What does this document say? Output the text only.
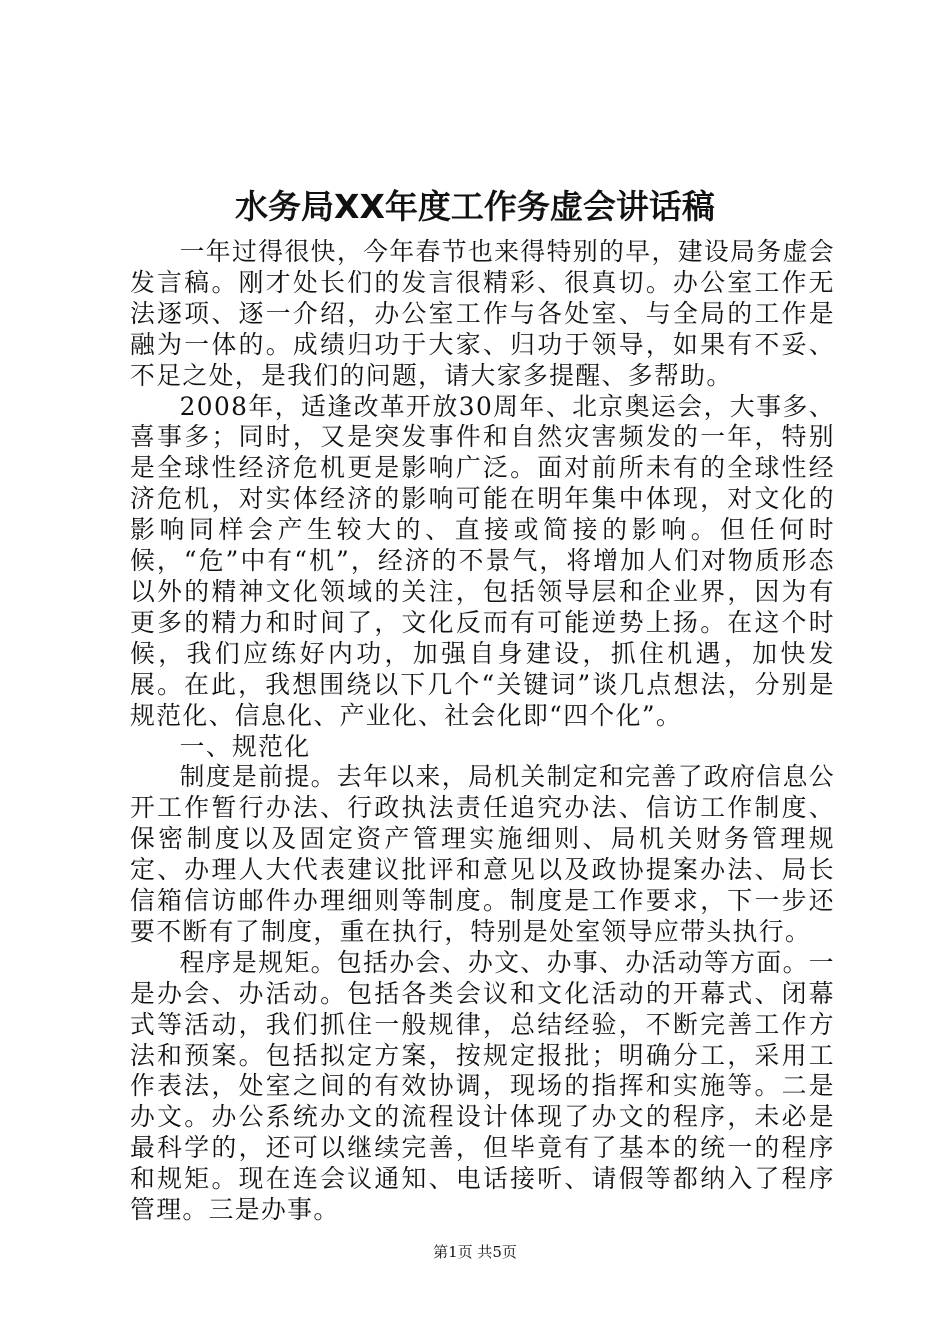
水务局XX年度工作务虚会讲话稿

一年过得很快，今年春节也来得特别的早，建设局务虚会发言稿。刚才处长们的发言很精彩、很真切。办公室工作无法逐项、逐一介绍，办公室工作与各处室、与全局的工作是融为一体的。成绩归功于大家、归功于领导，如果有不妥、不足之处，是我们的问题，请大家多提醒、多帮助。

2008年，适逢改革开放30周年、北京奥运会，大事多、喜事多；同时，又是突发事件和自然灾害频发的一年，特别是全球性经济危机更是影响广泛。面对前所未有的全球性经济危机，对实体经济的影响可能在明年集中体现，对文化的影响同样会产生较大的、直接或简接的影响。但任何时候，“危”中有“机”，经济的不景气，将增加人们对物质形态以外的精神文化领域的关注，包括领导层和企业界，因为有更多的精力和时间了，文化反而有可能逆势上扬。在这个时候，我们应练好内功，加强自身建设，抓住机遇，加快发展。在此，我想围绕以下几个“关键词”谈几点想法，分别是规范化、信息化、产业化、社会化即“四个化”。

一、规范化

制度是前提。去年以来，局机关制定和完善了政府信息公开工作暂行办法、行政执法责任追究办法、信访工作制度、保密制度以及固定资产管理实施细则、局机关财务管理规定、办理人大代表建议批评和意见以及政协提案办法、局长信箱信访邮件办理细则等制度。制度是工作要求，下一步还要不断有了制度，重在执行，特别是处室领导应带头执行。

程序是规矩。包括办会、办文、办事、办活动等方面。一是办会、办活动。包括各类会议和文化活动的开幕式、闭幕式等活动，我们抓住一般规律，总结经验，不断完善工作方法和预案。包括拟定方案，按规定报批；明确分工，采用工作表法，处室之间的有效协调，现场的指挥和实施等。二是办文。办公系统办文的流程设计体现了办文的程序，未必是最科学的，还可以继续完善，但毕竟有了基本的统一的程序和规矩。现在连会议通知、电话接听、请假等都纳入了程序管理。三是办事。

第1页 共5页
